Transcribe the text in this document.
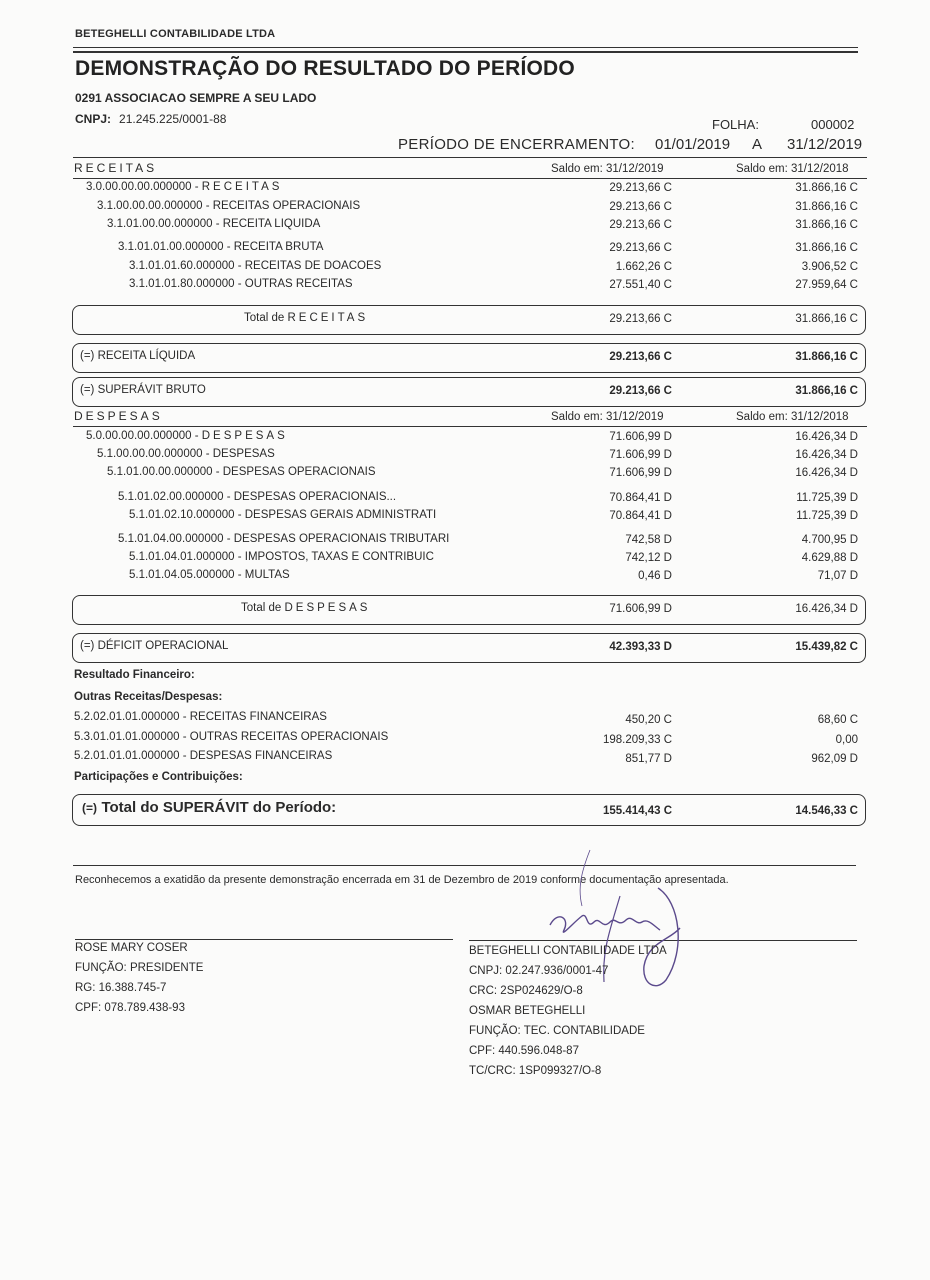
BETEGHELLI CONTABILIDADE LTDA
DEMONSTRAÇÃO DO RESULTADO DO PERÍODO
0291 ASSOCIACAO SEMPRE A SEU LADO
CNPJ: 21.245.225/0001-88	FOLHA:	000002
PERÍODO DE ENCERRAMENTO: 01/01/2019 A 31/12/2019
RECEITAS	Saldo em: 31/12/2019	Saldo em: 31/12/2018
3.0.00.00.00.000000 - RECEITAS	29.213,66 C	31.866,16 C
3.1.00.00.00.000000 - RECEITAS OPERACIONAIS	29.213,66 C	31.866,16 C
3.1.01.00.00.000000 - RECEITA LIQUIDA	29.213,66 C	31.866,16 C
3.1.01.01.00.000000 - RECEITA BRUTA	29.213,66 C	31.866,16 C
3.1.01.01.60.000000 - RECEITAS DE DOACOES	1.662,26 C	3.906,52 C
3.1.01.01.80.000000 - OUTRAS RECEITAS	27.551,40 C	27.959,64 C
Total de RECEITAS	29.213,66 C	31.866,16 C
(=) RECEITA LÍQUIDA	29.213,66 C	31.866,16 C
(=) SUPERÁVIT BRUTO	29.213,66 C	31.866,16 C
DESPESAS	Saldo em: 31/12/2019	Saldo em: 31/12/2018
5.0.00.00.00.000000 - DESPESAS	71.606,99 D	16.426,34 D
5.1.00.00.00.000000 - DESPESAS	71.606,99 D	16.426,34 D
5.1.01.00.00.000000 - DESPESAS OPERACIONAIS	71.606,99 D	16.426,34 D
5.1.01.02.00.000000 - DESPESAS OPERACIONAIS...	70.864,41 D	11.725,39 D
5.1.01.02.10.000000 - DESPESAS GERAIS ADMINISTRATI	70.864,41 D	11.725,39 D
5.1.01.04.00.000000 - DESPESAS OPERACIONAIS TRIBUTARI	742,58 D	4.700,95 D
5.1.01.04.01.000000 - IMPOSTOS, TAXAS E CONTRIBUIC	742,12 D	4.629,88 D
5.1.01.04.05.000000 - MULTAS	0,46 D	71,07 D
Total de DESPESAS	71.606,99 D	16.426,34 D
(=) DÉFICIT OPERACIONAL	42.393,33 D	15.439,82 C
Resultado Financeiro:
Outras Receitas/Despesas:
5.2.02.01.01.000000 - RECEITAS FINANCEIRAS	450,20 C	68,60 C
5.3.01.01.01.000000 - OUTRAS RECEITAS OPERACIONAIS	198.209,33 C	0,00
5.2.01.01.01.000000 - DESPESAS FINANCEIRAS	851,77 D	962,09 D
Participações e Contribuições:
(=) Total do SUPERÁVIT do Período:	155.414,43 C	14.546,33 C
Reconhecemos a exatidão da presente demonstração encerrada em 31 de Dezembro de 2019 conforme documentação apresentada.
ROSE MARY COSER
FUNÇÃO: PRESIDENTE
RG: 16.388.745-7
CPF: 078.789.438-93
BETEGHELLI CONTABILIDADE LTDA
CNPJ: 02.247.936/0001-47
CRC: 2SP024629/O-8
OSMAR BETEGHELLI
FUNÇÃO: TEC. CONTABILIDADE
CPF: 440.596.048-87
TC/CRC: 1SP099327/O-8
